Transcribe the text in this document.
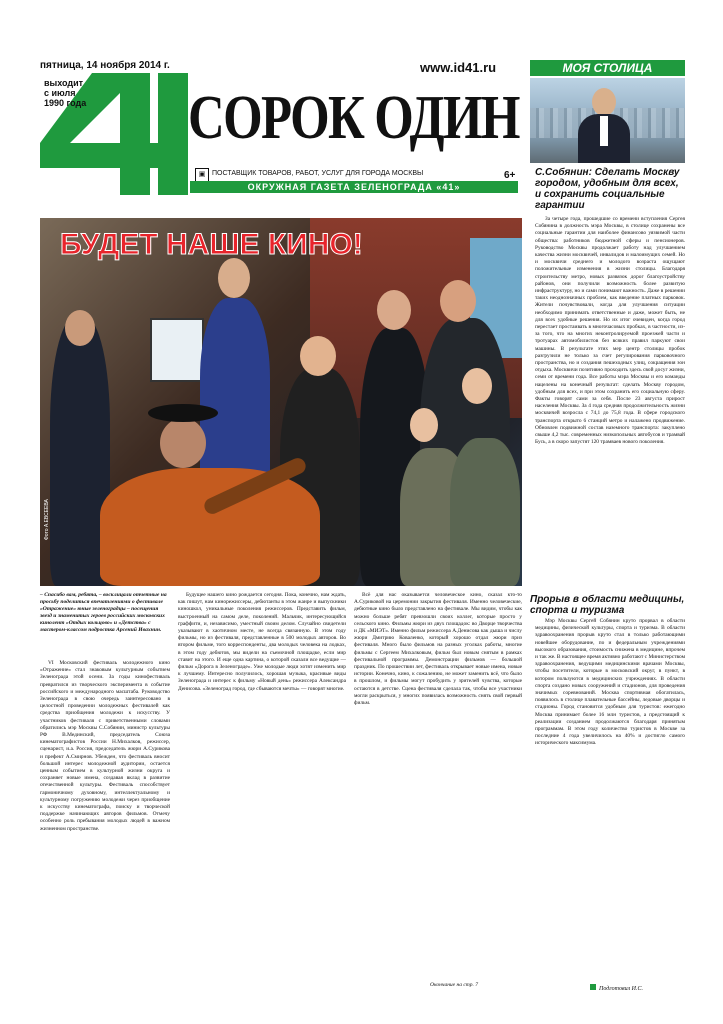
пятница, 14 ноября 2014 г.
выходит с июля 1990 года
№29 (399)
www.id41.ru
СОРОК ОДИН
▣ ПОСТАВЩИК ТОВАРОВ, РАБОТ, УСЛУГ ДЛЯ ГОРОДА МОСКВЫ	6+
ОКРУЖНАЯ ГАЗЕТА ЗЕЛЕНОГРАДА «41»
МОЯ СТОЛИЦА
С.Собянин: Сделать Москву городом, удобным для всех, и сохранить социальные гарантии
За четыре года, прошедшие со времени вступления Сергея Собянина в должность мэра Москвы, в столице сохранены все социальные гарантии для наиболее финансово уязвимой части общества: работников бюджетной сферы и пенсионеров. Руководство Москвы продолжает работу над улучшением качества жизни москвичей, инвалидов и малоимущих семей. Но и москвичи среднего и молодого возраста ощущают положительные изменения в жизни столицы. Благодаря строительству метро, новых развязок дорог благоустройству районов, они получили возможность более развитую инфраструктуру, но и сами понимают важность. Даже в решении таких неоднозначных проблем, как введение платных парковок. Жители почувствовали, когда для улучшения ситуации необходимо принимать ответственные и даже, может быть, не для всех удобные решения. Но их итог очевиден, когда город перестает простаивать в многочасовых пробках, в частности, из-за того, что на многих неконтролируемой проезжей части и тротуарах автомобилистов без всяких правил паркуют свои машины. В результате этих мер центр столицы пробок разгрузили не только за счет регулирования парковочного пространства, но и создания пешеходных улиц, сокращения зон отдыха. Москвичи позитивно проходить здесь свой досуг жизни, семи от времени года. Все работы мэра Москвы и его команды нацелены на конечный результат: сделать Москву городом, удобным для всех, и при этом сохранить его социальную сферу. Факты говорят сами за себя. После 23 августа прирост населения Москвы. За 4 года средняя продолжительность жизни москвичей возросла с 74,1 до 75,8 года. В сфере городского транспорта открыто 6 станций метро и налажено продвижение. Обновлен подвижной состав наземного транспорта: закуплено свыше 4,2 тыс. современных низкопольных автобусов и трамвай Бусь, а в скоро запустят 120 трамваев нового поколения.
Прорыв в области медицины, спорта и туризма
Мэр Москвы Сергей Собянин круто прорвал в области медицины, физической культуры, спорта и туризма. В области здравоохранения прорыв круто стал в только работающими новейшее оборудование, по и федеральным учреждениями высокого образования, стоимость снижена в медицине, впрочем и так же. В настоящее время активно работают с Министерством здравоохранения, ведущими медицинскими врачами Москвы, чтобы посетители, которые в московский округ, в пункт, в котором пользуются в медицинских учреждениях. В области спорта создано новых сооружений и стадионов, для проведения значимых соревнований. Москва спортивная обогатилась, появилось в столице плавательные бассейны, ледовые дворцы и стадионы. Город становится удобным для туристов: ежегодно Москва принимает более 16 млн туристов, а предстоящий к реализации созданием продолжаются благодаря принятым программам. В этом году количество туристов в Москве за последние 4 года увеличилось на 40% и достигло самого исторического максимума.
Подготовил И.С.
БУДЕТ НАШЕ КИНО!
Фото А.ЕВСЕЕВА
– Спасибо вам, ребята, – восклицали отчетные на просьбу поделиться впечатлениями о фестивале «Отражение» юные зеленоградцы – посещения звезд и знаменитых героев российских московских кинолент «Отдых кольцово» и «Детства» с мастером-классом подростка Арсений Ивахнин.
VI Московский фестиваль молодежного кино «Отражение» стал знаковым культурным событием Зеленограда этой осени. За годы кинофестиваль превратился из творческого эксперимента в событие российского и международного масштаба. Руководство Зеленограда в свою очередь заинтересовано в целостной проведении молодежных фестивалей как средства приобщения молодежи к искусству. У участников фестиваля с приветственными словами обратились мэр Москвы С.Собянин, министр культуры РФ В.Мединский, председатель Союза кинематографистов России Н.Михалков, режиссер, сценарист, и.а. Россия, председатель жюри А.Сурикова и префект А.Смирнов. Убежден, что фестиваль вносит большой интерес молодежной аудитории, остается ценным событием в культурной жизни округа и сохраняет новые имена, создавая вклад в развитие отечественной культуры. Фестиваль способствует гармоничному духовному, интеллектуальному и культурному погружению молодежи через приобщение к искусству кинематографа, поиску и творческой поддержке начинающих авторов фильмов. Отмечу особенно роль пребывания молодых людей в важном жизненном пространстве.
Будущее нашего кино рождается сегодня. Пока, конечно, нам ждать, как пишут, нам кинорежиссеры, дебютанты в этом жанре и выпускники киношкол, уникальные поколения режиссеров. Представить фильм, выстроенный на самом деле, поколений. Мальчик, интересующийся граффити, и, независимо, уместный своим делом. Случайно свидетели указывают в хаотичном месте, не всегда связанную. В этом году фильмы, но из фестиваля, представленные в 500 молодых авторов. Во втором фильме, того корреспонденты, два молодых человека на лодках, в этом году дебютов, мы видели на съемочной площадке, если мир ставит на этого. И еще одна картина, о которой сказали все ведущие — фильм «Дорога в Зеленограде». Уже молодые люди хотят изменить мир к лучшему. Интересно получилось, хорошая музыка, красивые виды Зеленограда и интерес к фильму «Новый день» режиссера Александра Денисова. «Зеленоград город, где сбываются мечты» — говорят многие.
Всё для нас оказывается человеческое кино, сказал кто-то А.Суриковой на церемонии закрытия фестиваля. Именно человеческие, дебютные кино было представлено на фестивале. Мы видим, чтобы как можно больше ребят превзошли своих коллег, которые просто у сельского кино. Фильмы жюри из двух площадок: во Дворце творчества и ДК «МИЭТ». Именно фильм режиссера А.Денисова как дыша и числу жюри Дмитрию Коваленко, который хорошо отдал жюри приз фестиваля. Много было фильмов на разных уголках работы, многие фильмы с Сергеем Михалковым, фильм был новым снятым в рамках фестивальной программы. Демонстрации фильмов — большой праздник. По прошествии лет, фестиваль открывает новые имена, новые истории. Конечно, кино, к сожалению, не может заменить всё, что было в прошлом, и фильмы могут пробудить у зрителей чувства, которые остаются в детстве. Сцена фестиваля сделала так, чтобы все участники могли раскрыться, у многих появилась возможность снять свой первый фильм.
Окончание на стр. 7
